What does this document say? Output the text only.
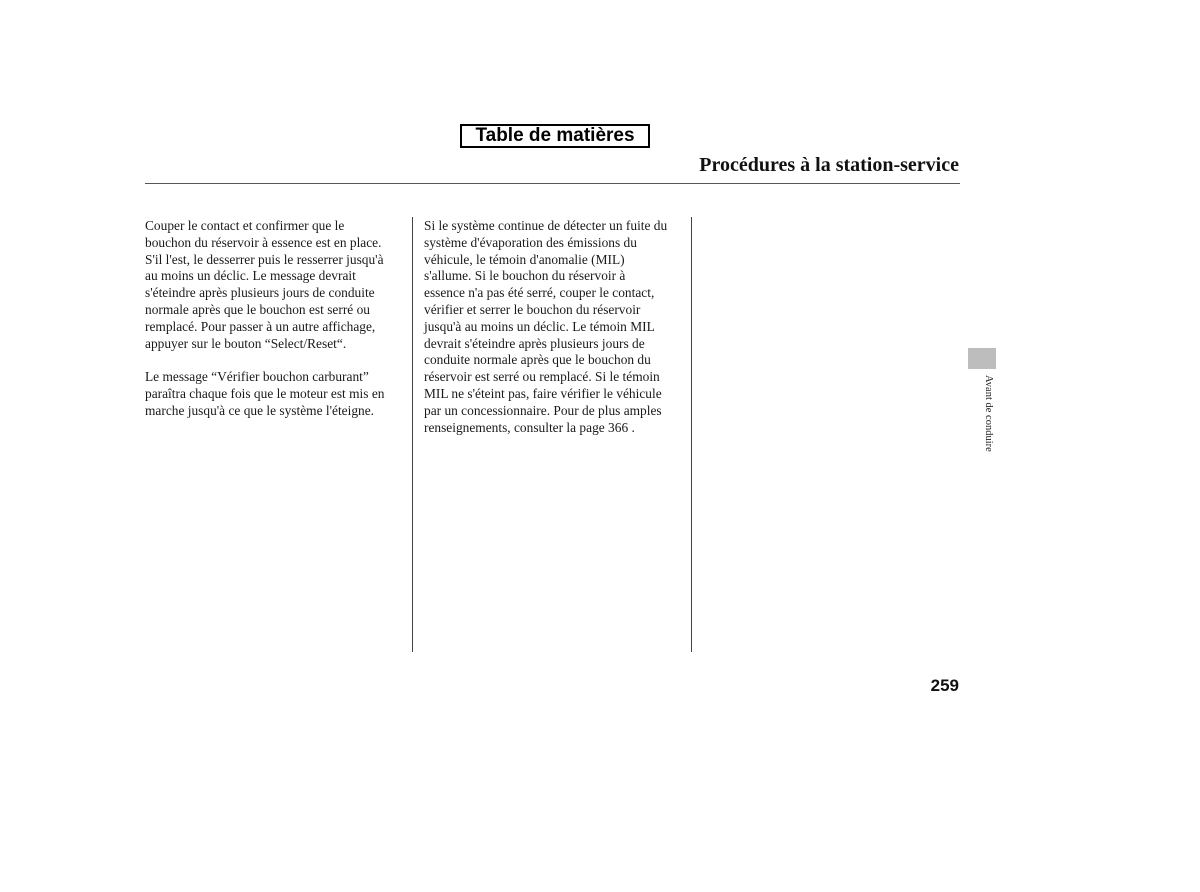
Table de matières
Procédures à la station-service

Couper le contact et confirmer que le
bouchon du réservoir à essence est en place.
S'il l'est, le desserrer puis le resserrer jusqu'à
au moins un déclic. Le message devrait
s'éteindre après plusieurs jours de conduite
normale après que le bouchon est serré ou
remplacé. Pour passer à un autre affichage,
appuyer sur le bouton “Select/Reset“.

Le message “Vérifier bouchon carburant”
paraîtra chaque fois que le moteur est mis en
marche jusqu'à ce que le système l'éteigne.

Si le système continue de détecter un fuite du
système d'évaporation des émissions du
véhicule, le témoin d'anomalie (MIL)
s'allume. Si le bouchon du réservoir à
essence n'a pas été serré, couper le contact,
vérifier et serrer le bouchon du réservoir
jusqu'à au moins un déclic. Le témoin MIL
devrait s'éteindre après plusieurs jours de
conduite normale après que le bouchon du
réservoir est serré ou remplacé. Si le témoin
MIL ne s'éteint pas, faire vérifier le véhicule
par un concessionnaire. Pour de plus amples
renseignements, consulter la page 366 .	Avant de conduire
259
